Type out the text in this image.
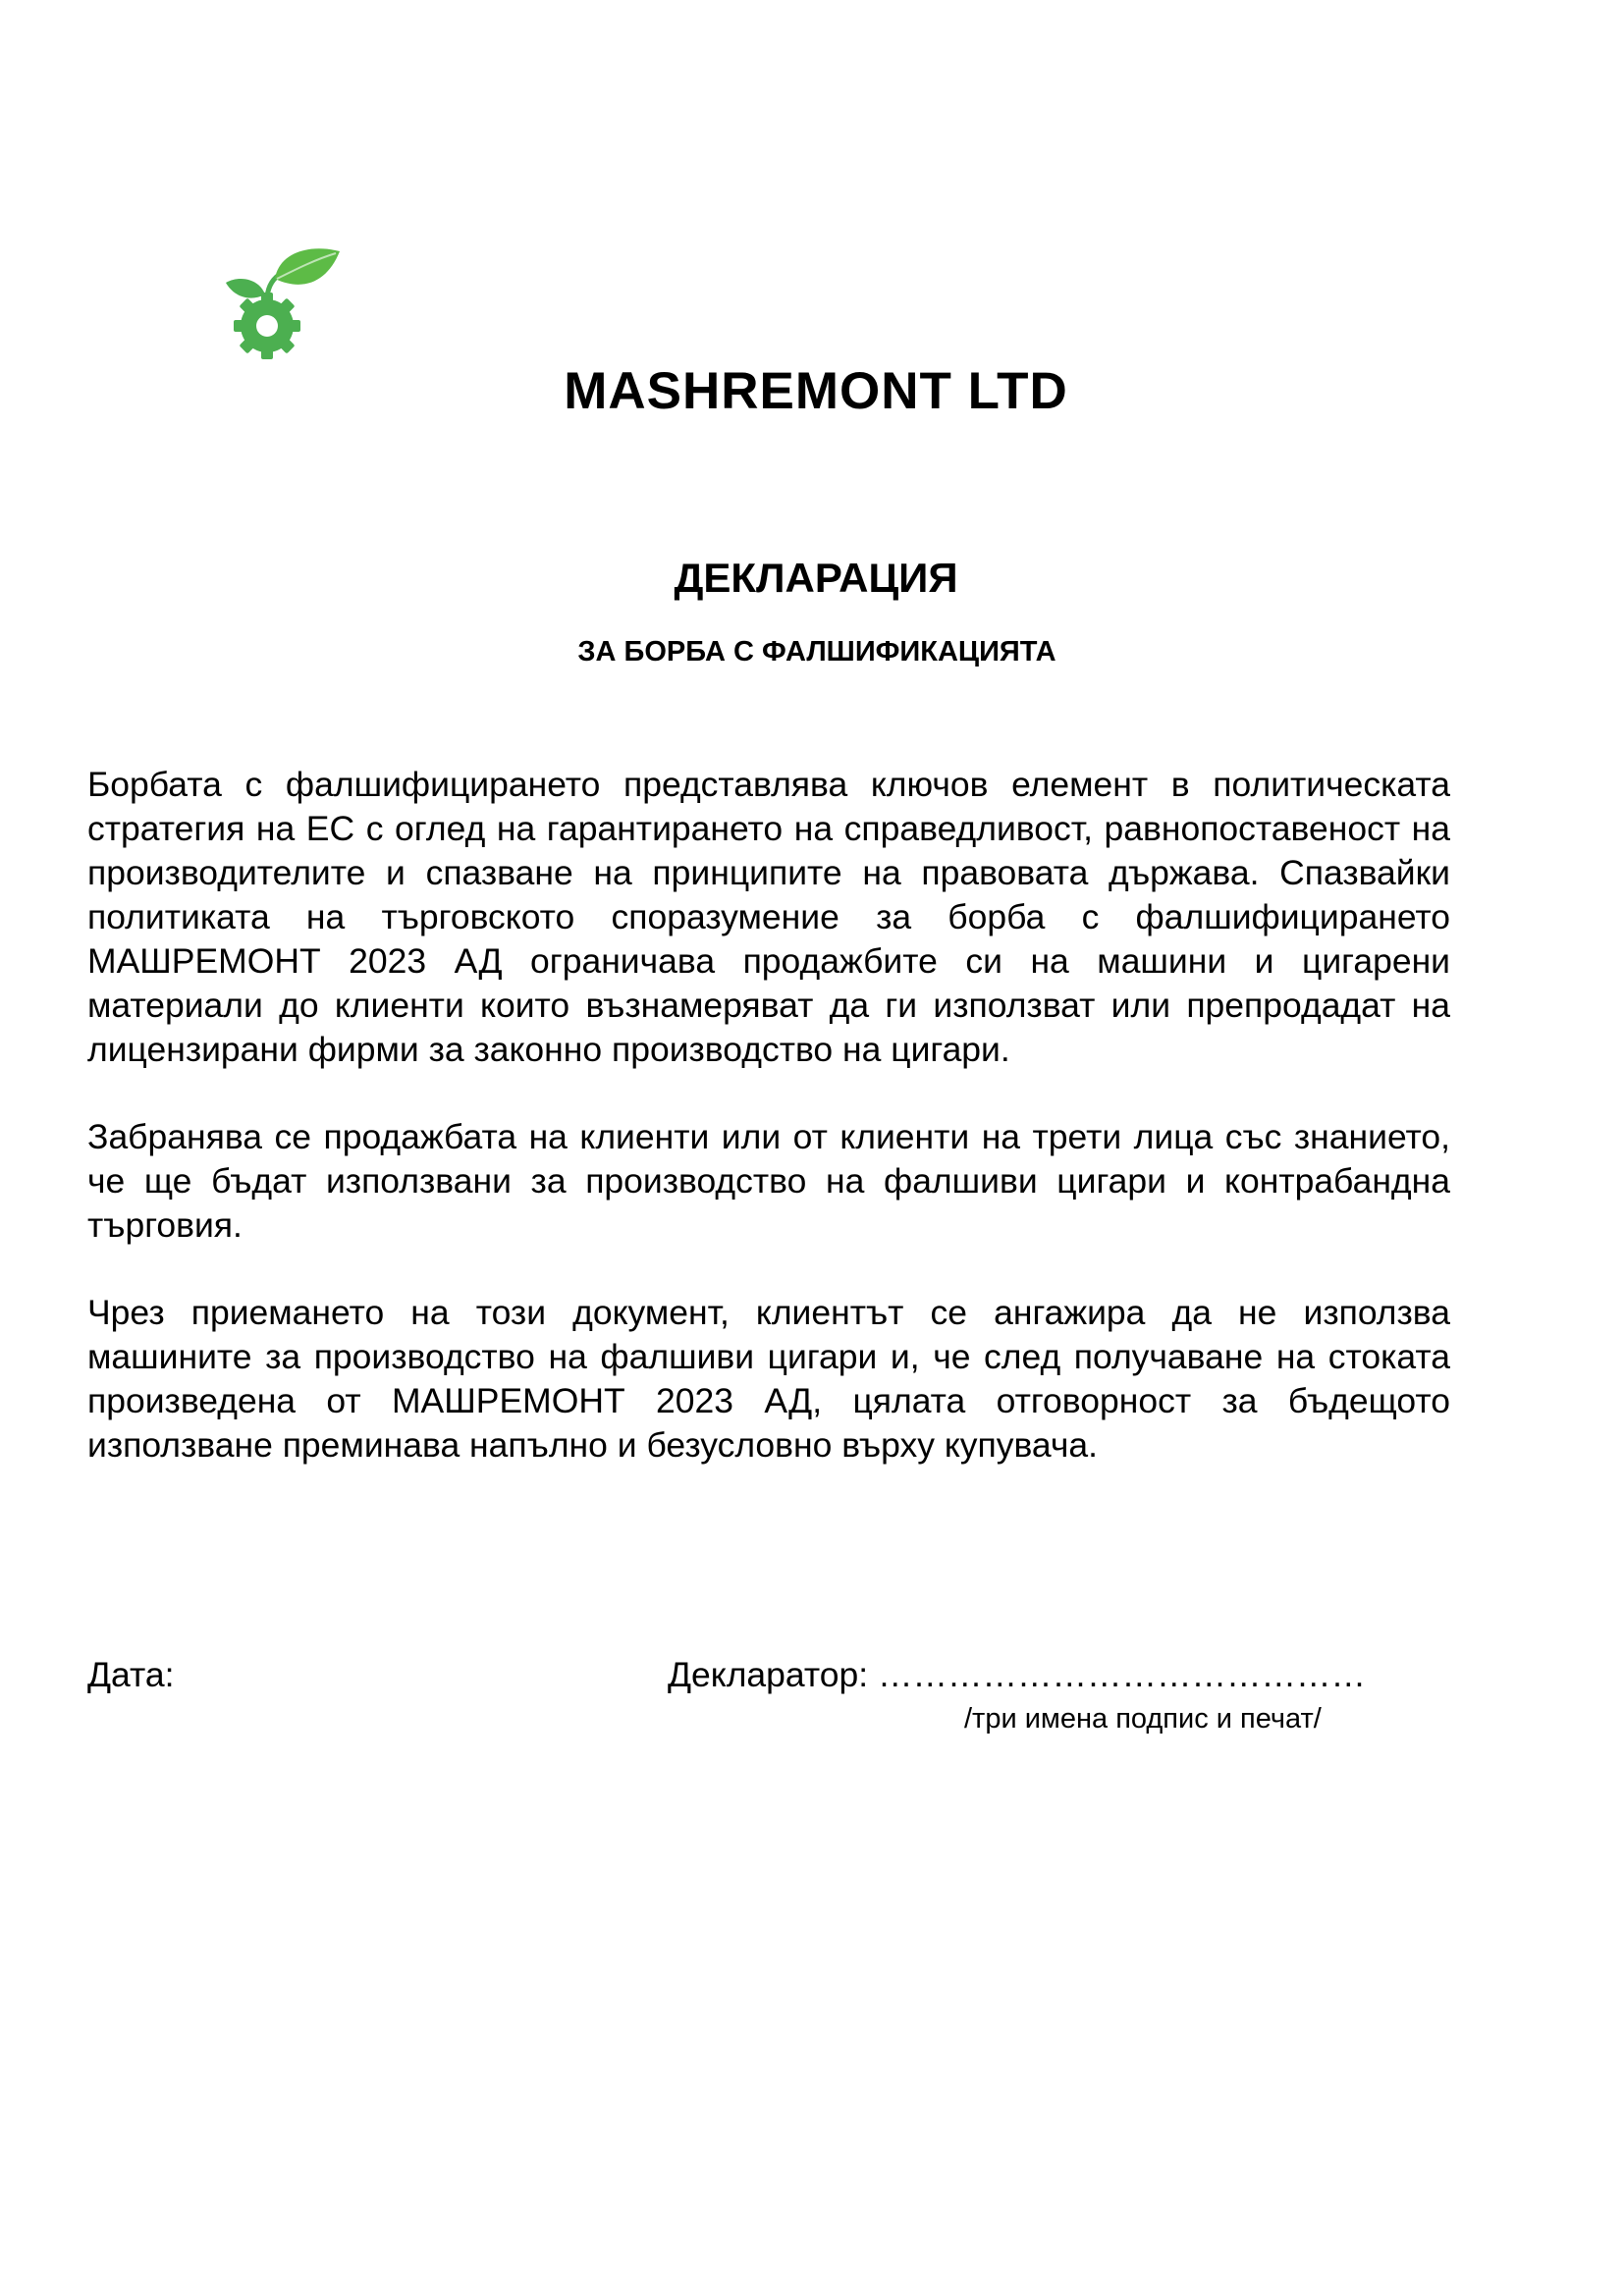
MASHREMONT LTD
ДЕКЛАРАЦИЯ
ЗА БОРБА С ФАЛШИФИКАЦИЯТА

Борбата с фалшифицирането представлява ключов елемент в политическата стратегия на ЕС с оглед на гарантирането на справедливост, равнопоставеност на производителите и спазване на принципите на правовата държава. Спазвайки политиката на търговското споразумение за борба с фалшифицирането МАШРЕМОНТ 2023 АД ограничава продажбите си на машини и цигарени материали до клиенти които възнамеряват да ги използват или препродадат на лицензирани фирми за законно производство на цигари.

Забранява се продажбата на клиенти или от клиенти на трети лица със знанието, че ще бъдат използвани за производство на фалшиви цигари и контрабандна търговия.

Чрез приемането на този документ, клиентът се ангажира да не използва машините за производство на фалшиви цигари и, че след получаване на стоката произведена от МАШРЕМОНТ 2023 АД, цялата отговорност за бъдещото използване преминава напълно и безусловно върху купувача.

Дата:	Декларатор: ……………………………………
/три имена подпис и печат/
